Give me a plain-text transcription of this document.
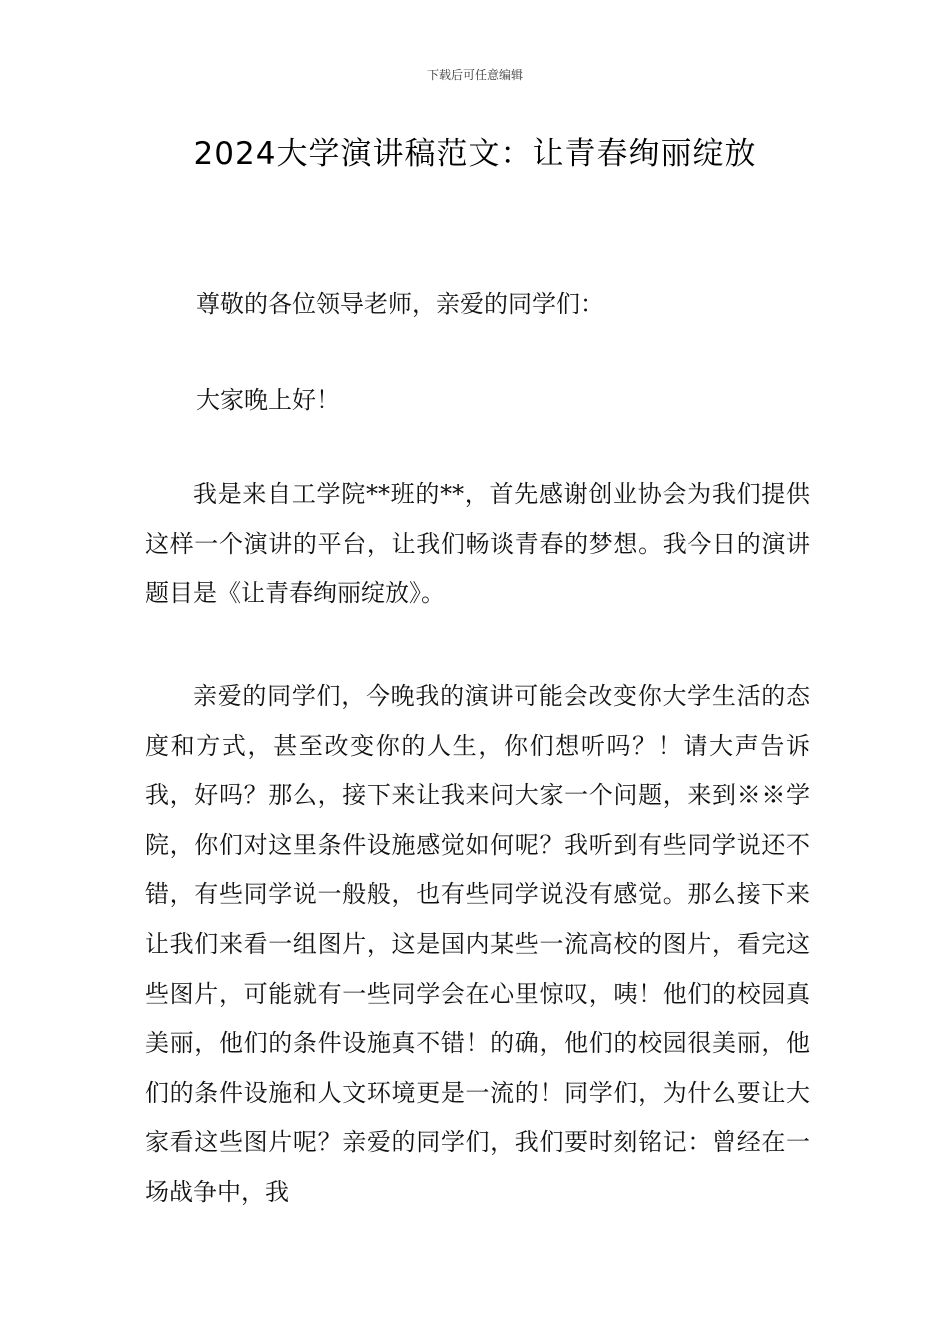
下载后可任意编辑
2024大学演讲稿范文：让青春绚丽绽放

尊敬的各位领导老师，亲爱的同学们：

大家晚上好！

我是来自工学院**班的**，首先感谢创业协会为我们提供这样一个演讲的平台，让我们畅谈青春的梦想。我今日的演讲题目是《让青春绚丽绽放》。

亲爱的同学们，今晚我的演讲可能会改变你大学生活的态度和方式，甚至改变你的人生，你们想听吗？！请大声告诉我，好吗？那么，接下来让我来问大家一个问题，来到※※学院，你们对这里条件设施感觉如何呢？我听到有些同学说还不错，有些同学说一般般，也有些同学说没有感觉。那么接下来让我们来看一组图片，这是国内某些一流高校的图片，看完这些图片，可能就有一些同学会在心里惊叹，咦！他们的校园真美丽，他们的条件设施真不错！的确，他们的校园很美丽，他们的条件设施和人文环境更是一流的！同学们，为什么要让大家看这些图片呢？亲爱的同学们，我们要时刻铭记：曾经在一场战争中，我
